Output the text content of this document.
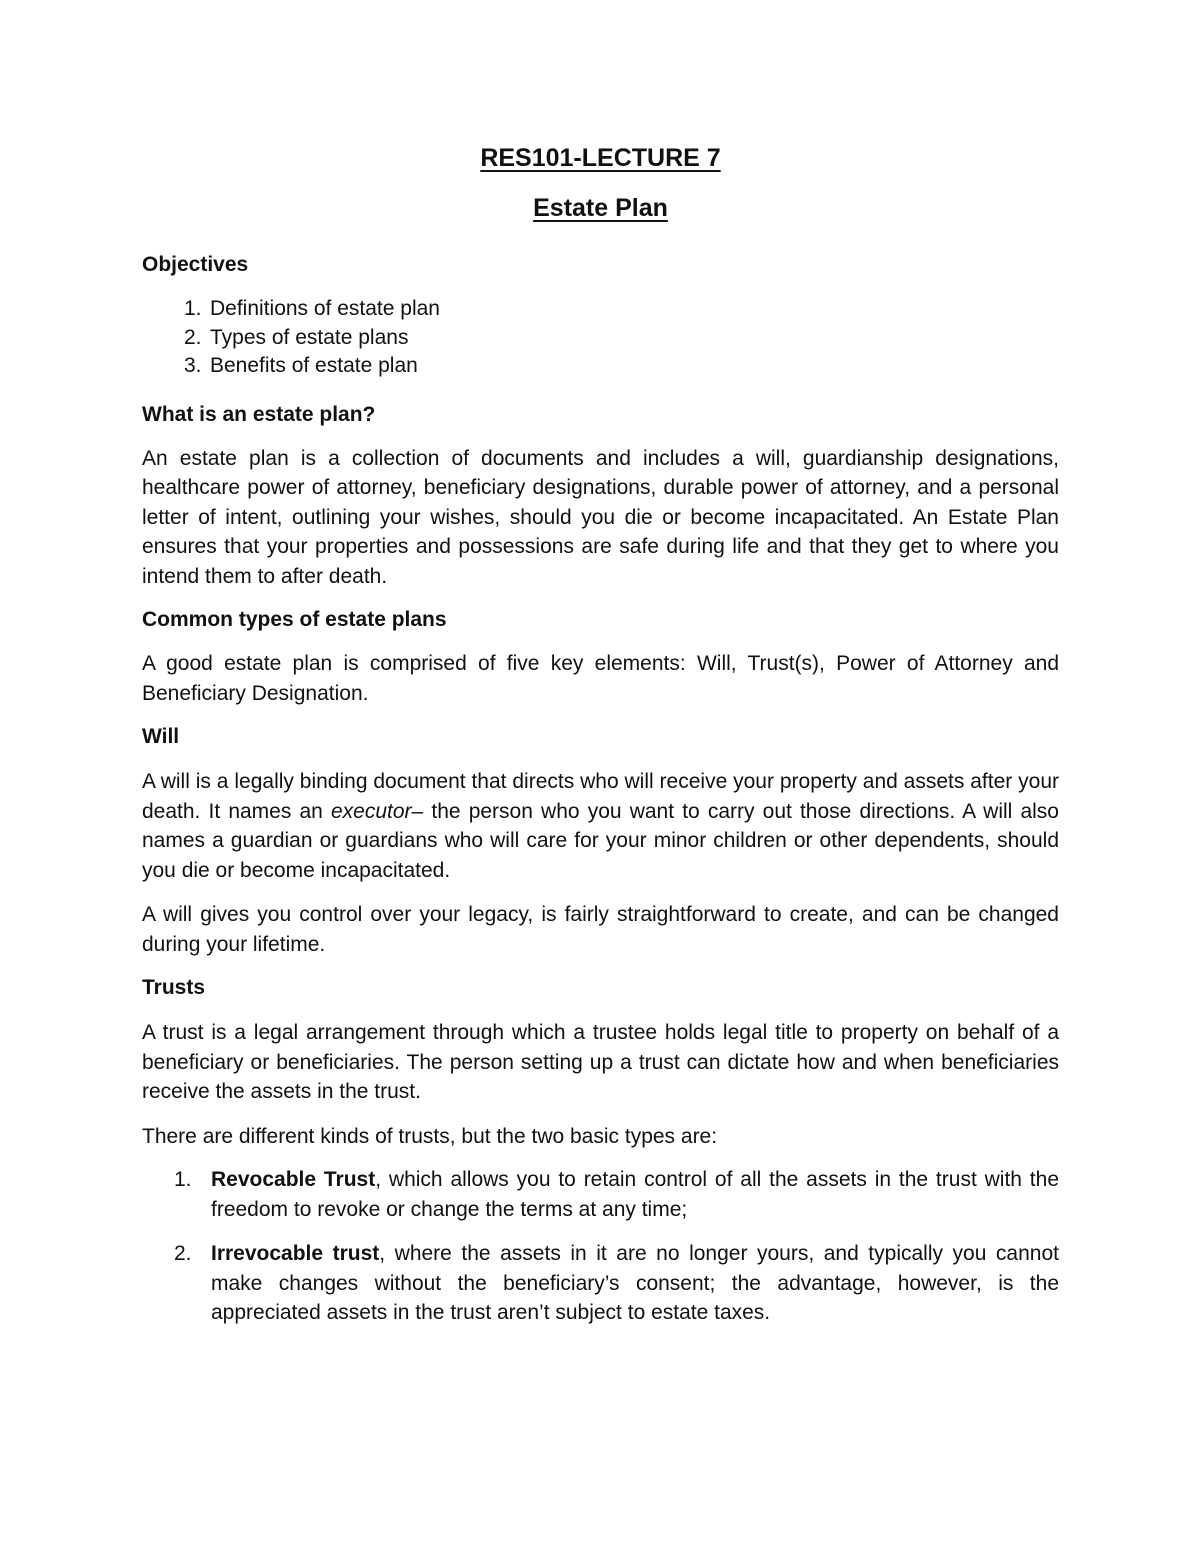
RES101-LECTURE 7
Estate Plan
Objectives
1. Definitions of estate plan
2. Types of estate plans
3. Benefits of estate plan
What is an estate plan?

An estate plan is a collection of documents and includes a will, guardianship designations, healthcare power of attorney, beneficiary designations, durable power of attorney, and a personal letter of intent, outlining your wishes, should you die or become incapacitated. An Estate Plan ensures that your properties and possessions are safe during life and that they get to where you intend them to after death.

Common types of estate plans

A good estate plan is comprised of five key elements: Will, Trust(s), Power of Attorney and Beneficiary Designation.

Will

A will is a legally binding document that directs who will receive your property and assets after your death. It names an executor– the person who you want to carry out those directions. A will also names a guardian or guardians who will care for your minor children or other dependents, should you die or become incapacitated.

A will gives you control over your legacy, is fairly straightforward to create, and can be changed during your lifetime.

Trusts

A trust is a legal arrangement through which a trustee holds legal title to property on behalf of a beneficiary or beneficiaries. The person setting up a trust can dictate how and when beneficiaries receive the assets in the trust.

There are different kinds of trusts, but the two basic types are:

1. Revocable Trust, which allows you to retain control of all the assets in the trust with the freedom to revoke or change the terms at any time;
2. Irrevocable trust, where the assets in it are no longer yours, and typically you cannot make changes without the beneficiary’s consent; the advantage, however, is the appreciated assets in the trust aren’t subject to estate taxes.
